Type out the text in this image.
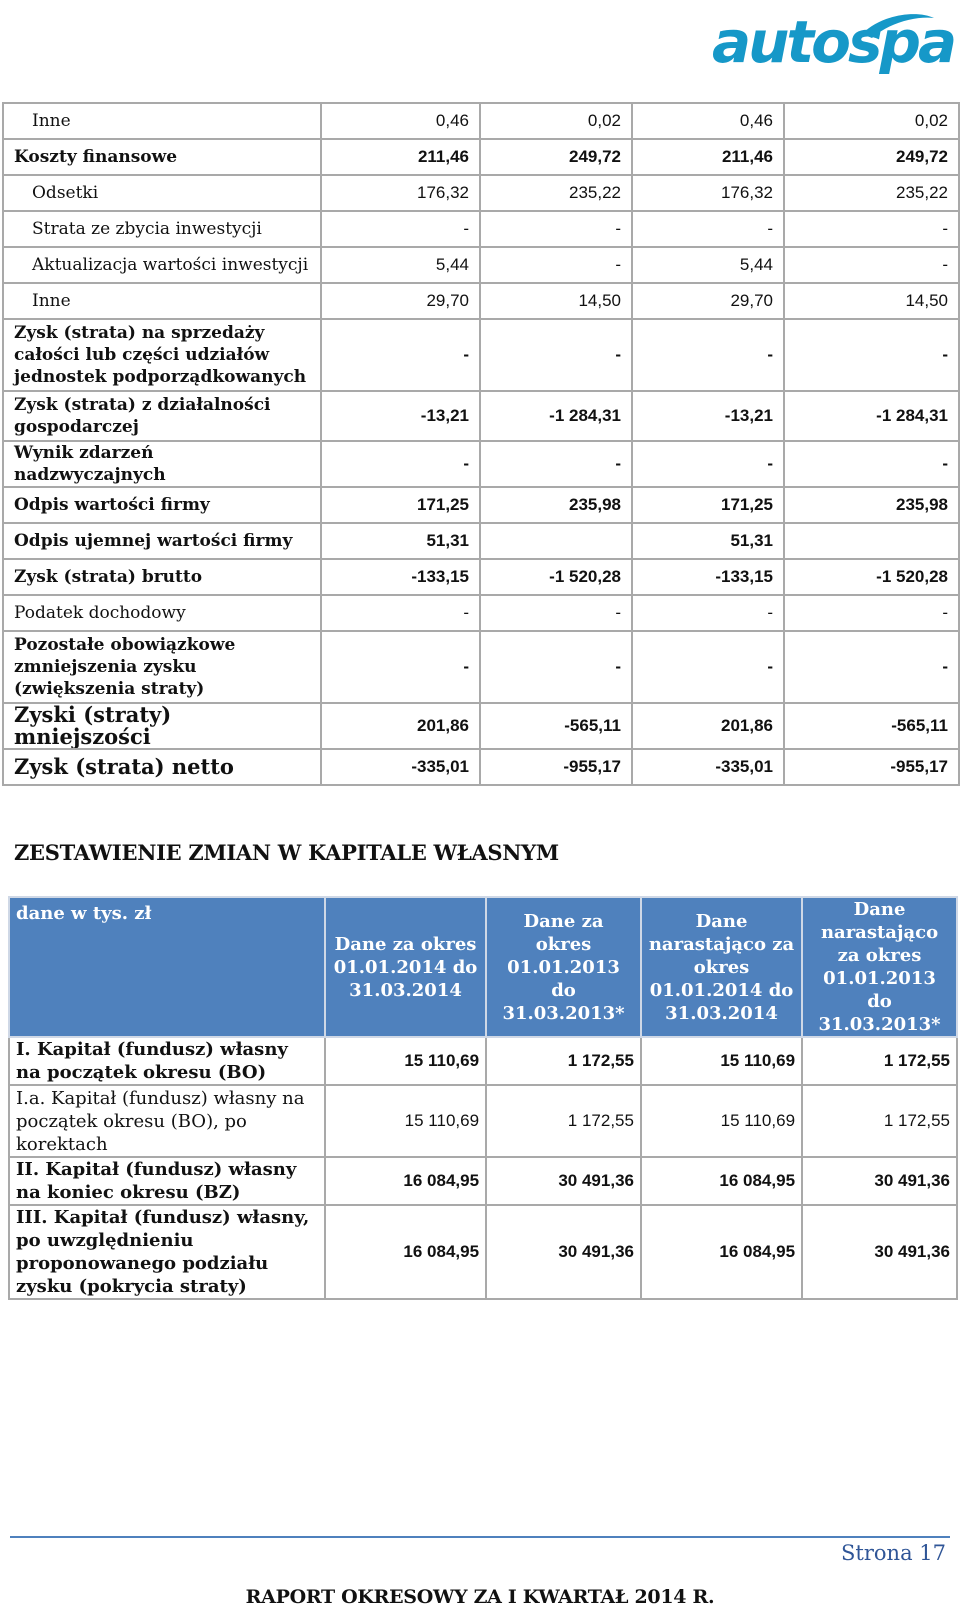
autospa
Inne	0,46	0,02	0,46	0,02
Koszty finansowe	211,46	249,72	211,46	249,72
Odsetki	176,32	235,22	176,32	235,22
Strata ze zbycia inwestycji	-	-	-	-
Aktualizacja wartości inwestycji	5,44	-	5,44	-
Inne	29,70	14,50	29,70	14,50
Zysk (strata) na sprzedaży całości lub części udziałów jednostek podporządkowanych	-	-	-	-
Zysk (strata) z działalności gospodarczej	-13,21	-1 284,31	-13,21	-1 284,31
Wynik zdarzeń nadzwyczajnych	-	-	-	-
Odpis wartości firmy	171,25	235,98	171,25	235,98
Odpis ujemnej wartości firmy	51,31		51,31	
Zysk (strata) brutto	-133,15	-1 520,28	-133,15	-1 520,28
Podatek dochodowy	-	-	-	-
Pozostałe obowiązkowe zmniejszenia zysku (zwiększenia straty)	-	-	-	-
Zyski (straty) mniejszości	201,86	-565,11	201,86	-565,11
Zysk (strata) netto	-335,01	-955,17	-335,01	-955,17
ZESTAWIENIE ZMIAN W KAPITALE WŁASNYM
dane w tys. zł	Dane za okres 01.01.2014 do 31.03.2014	Dane za okres 01.01.2013 do 31.03.2013*	Dane narastająco za okres 01.01.2014 do 31.03.2014	Dane narastająco za okres 01.01.2013 do 31.03.2013*
I. Kapitał (fundusz) własny na początek okresu (BO)	15 110,69	1 172,55	15 110,69	1 172,55
I.a. Kapitał (fundusz) własny na początek okresu (BO), po korektach	15 110,69	1 172,55	15 110,69	1 172,55
II. Kapitał (fundusz) własny na koniec okresu (BZ)	16 084,95	30 491,36	16 084,95	30 491,36
III. Kapitał (fundusz) własny, po uwzględnieniu proponowanego podziału zysku (pokrycia straty)	16 084,95	30 491,36	16 084,95	30 491,36
Strona 17
RAPORT OKRESOWY ZA I KWARTAŁ 2014 R.
